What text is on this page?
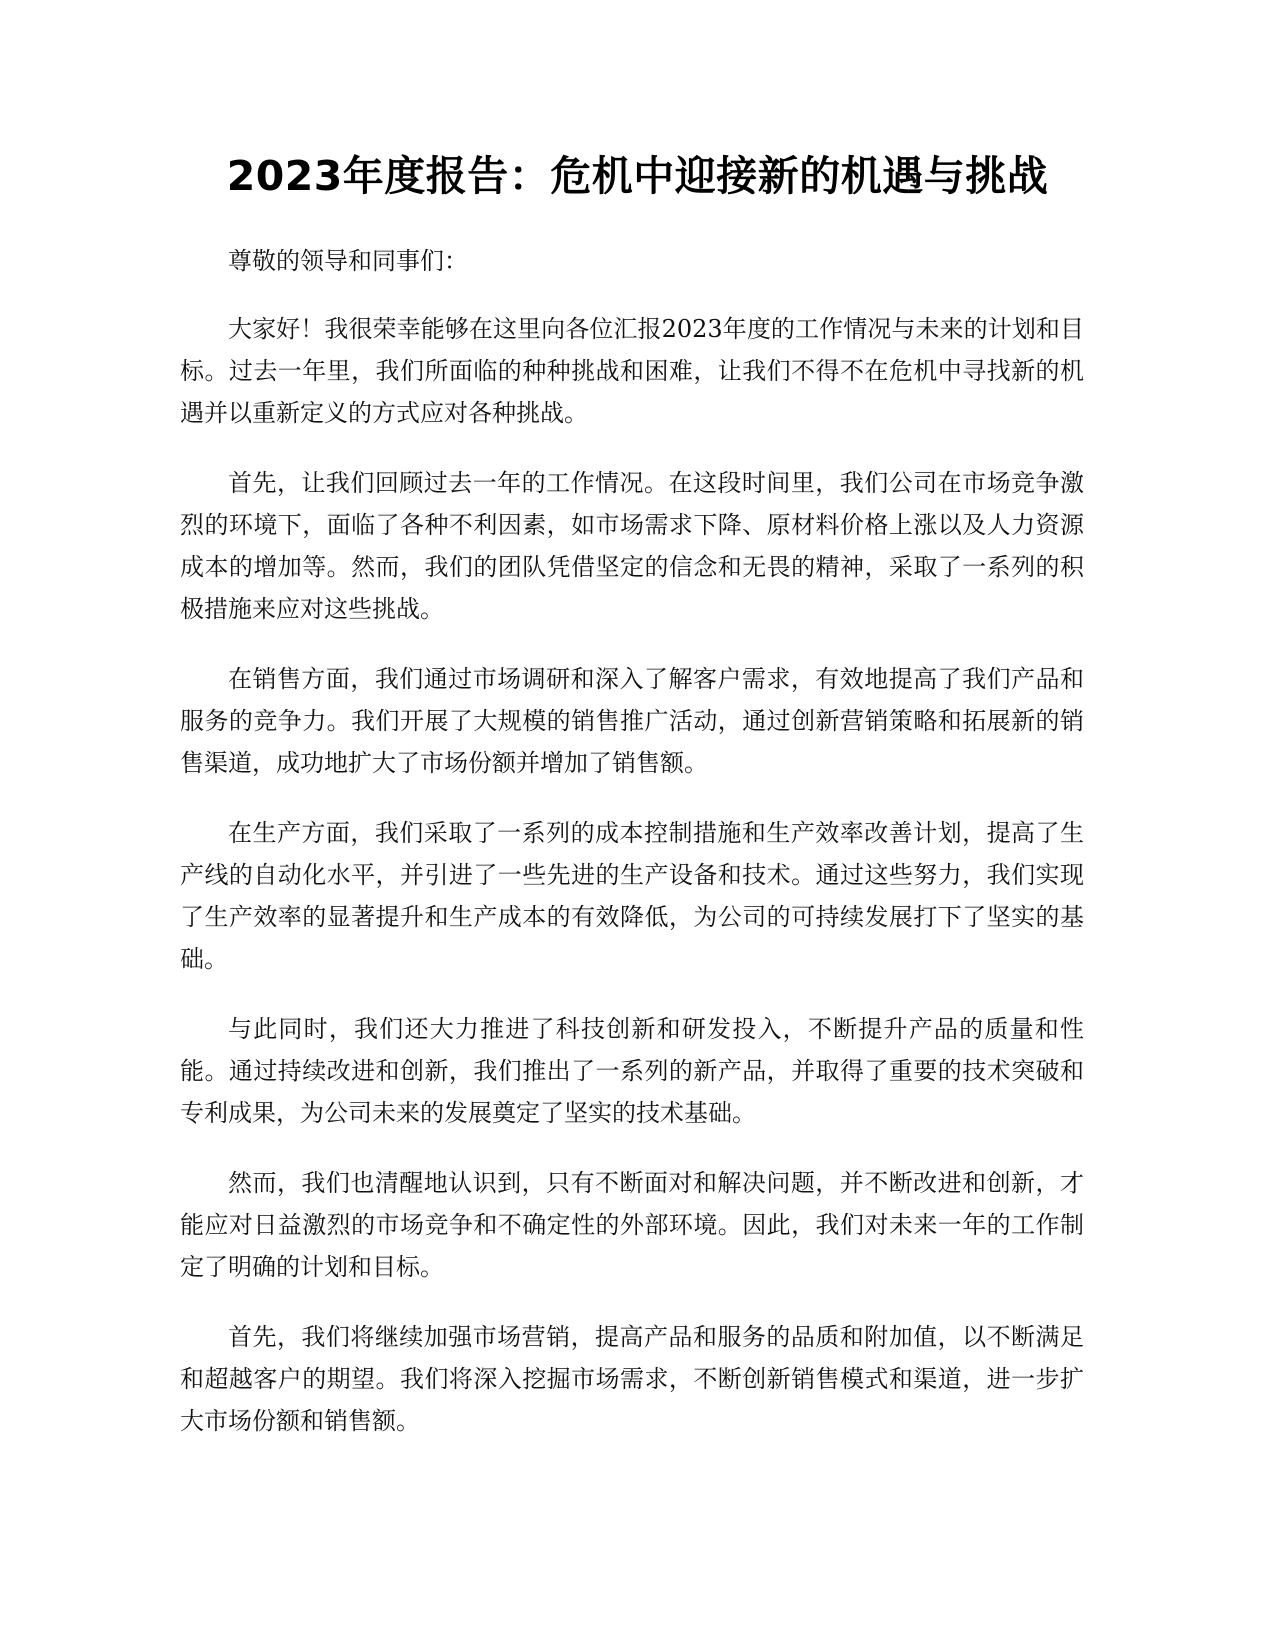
2023年度报告：危机中迎接新的机遇与挑战

尊敬的领导和同事们：

大家好！我很荣幸能够在这里向各位汇报2023年度的工作情况与未来的计划和目标。过去一年里，我们所面临的种种挑战和困难，让我们不得不在危机中寻找新的机遇并以重新定义的方式应对各种挑战。

首先，让我们回顾过去一年的工作情况。在这段时间里，我们公司在市场竞争激烈的环境下，面临了各种不利因素，如市场需求下降、原材料价格上涨以及人力资源成本的增加等。然而，我们的团队凭借坚定的信念和无畏的精神，采取了一系列的积极措施来应对这些挑战。

在销售方面，我们通过市场调研和深入了解客户需求，有效地提高了我们产品和服务的竞争力。我们开展了大规模的销售推广活动，通过创新营销策略和拓展新的销售渠道，成功地扩大了市场份额并增加了销售额。

在生产方面，我们采取了一系列的成本控制措施和生产效率改善计划，提高了生产线的自动化水平，并引进了一些先进的生产设备和技术。通过这些努力，我们实现了生产效率的显著提升和生产成本的有效降低，为公司的可持续发展打下了坚实的基础。

与此同时，我们还大力推进了科技创新和研发投入，不断提升产品的质量和性能。通过持续改进和创新，我们推出了一系列的新产品，并取得了重要的技术突破和专利成果，为公司未来的发展奠定了坚实的技术基础。

然而，我们也清醒地认识到，只有不断面对和解决问题，并不断改进和创新，才能应对日益激烈的市场竞争和不确定性的外部环境。因此，我们对未来一年的工作制定了明确的计划和目标。

首先，我们将继续加强市场营销，提高产品和服务的品质和附加值，以不断满足和超越客户的期望。我们将深入挖掘市场需求，不断创新销售模式和渠道，进一步扩大市场份额和销售额。
